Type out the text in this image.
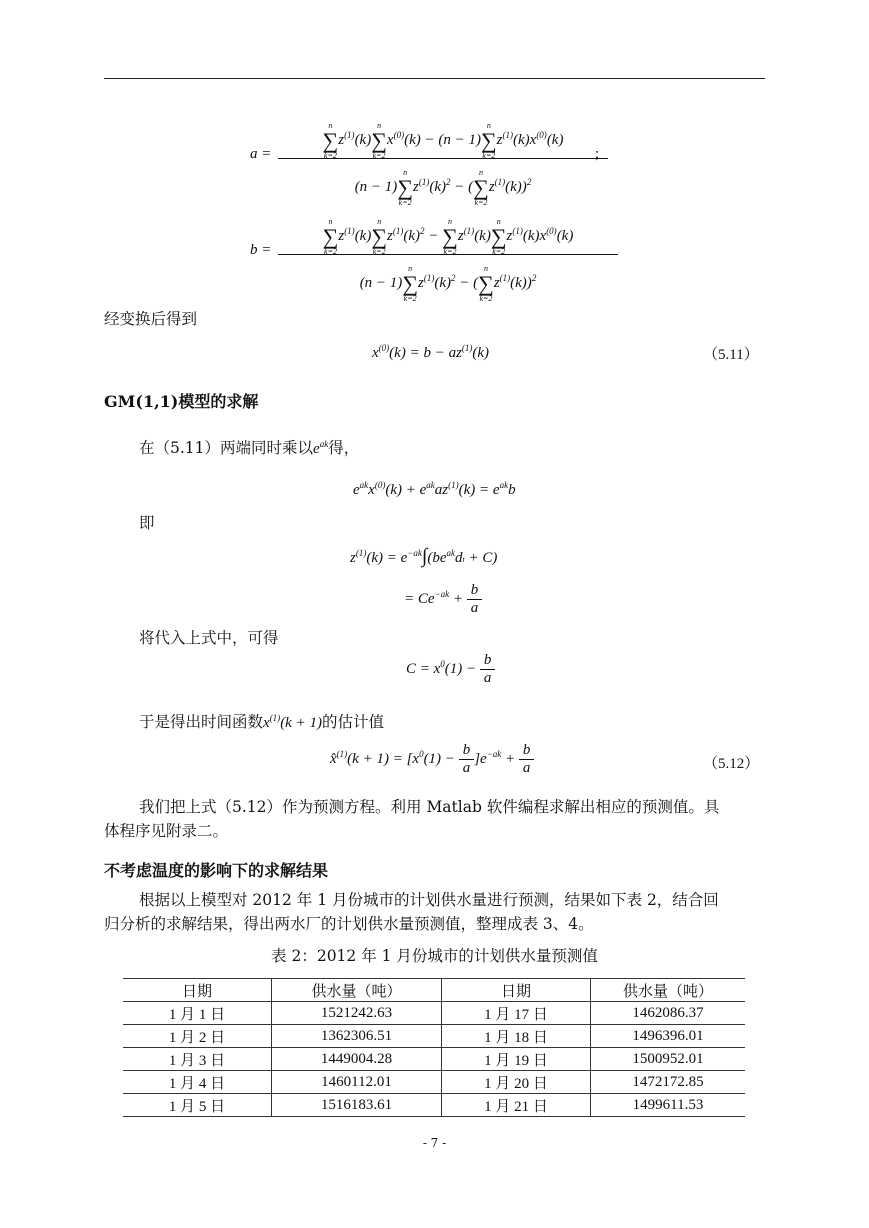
a =
n
∑
k=2
$z^{(1)}(k)$
n
∑
k=2
$x^{(0)}(k) - (n - 1)$
n
∑
k=2
$z^{(1)}(k)x^{(0)}(k)$
(n − 1)
n
∑
k=2
$z^{(1)}(k)^2$ − (
n
∑
k=2
$z^{(1)}(k))^2$
;
b =
n
∑
k=2
$z^{(1)}(k)$
n
∑
k=2
$z^{(1)}(k)^2$ −
n
∑
k=2
$z^{(1)}(k)$
n
∑
k=2
$z^{(1)}(k)x^{(0)}(k)$
(n − 1)
n
∑
k=2
$z^{(1)}(k)^2$ − (
n
∑
k=2
$z^{(1)}(k))^2$
经变换后得到
$x^{(0)}(k) = b - az^{(1)}(k)$	（5.11）
GM(1,1)模型的求解
在（5.11）两端同时乘以$e^{ak}$得，
$e^{ak}x^{(0)}(k) + e^{ak}az^{(1)}(k) = e^{ak}b$
即
$z^{(1)}(k) = e^{-ak}\int(be^{ak}dt + C)$
= $Ce^{-ak} + \frac{b}{a}$
将代入上式中，可得
$C = x^0(1) - \frac{b}{a}$
于是得出时间函数$x^{(1)}(k + 1)$的估计值
x̂$^{(1)}$(k + $1) = [x^0(1) - \frac{b}{a} ]e^{-ak} + \frac{b}{a}$	（5.12）
我们把上式（5.12）作为预测方程。利用 Matlab 软件编程求解出相应的预测值。具
体程序见附录二。
不考虑温度的影响下的求解结果
根据以上模型对 2012 年 1 月份城市的计划供水量进行预测，结果如下表 2，结合回
归分析的求解结果，得出两水厂的计划供水量预测值，整理成表 3、4。
表 2：2012 年 1 月份城市的计划供水量预测值
日期	供水量（吨）	日期	供水量（吨）
1 月 1 日	1521242.63	1 月 17 日	1462086.37
1 月 2 日	1362306.51	1 月 18 日	1496396.01
1 月 3 日	1449004.28	1 月 19 日	1500952.01
1 月 4 日	1460112.01	1 月 20 日	1472172.85
1 月 5 日	1516183.61	1 月 21 日	1499611.53
- 7 -
